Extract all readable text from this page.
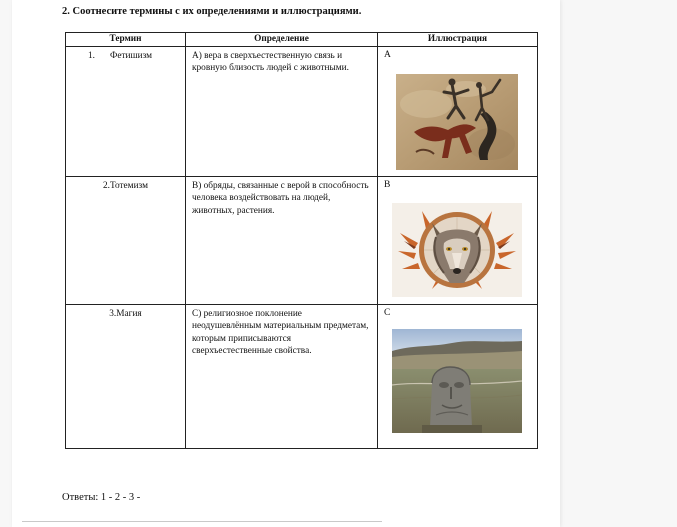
2. Соотнесите термины с их определениями и иллюстрациями.
Термин	Определение	Иллюстрация
1. Фетишизм	А) вера в сверхъестественную связь и кровную близость людей с животными.	А

2.Тотемизм	В) обряды, связанные с верой в способность человека воздействовать на людей, животных, растения.	В

3.Магия	С) религиозное поклонение неодушевлённым материальным предметам, которым приписываются сверхъестественные свойства.	С
Ответы: 1 - 2 - 3 -
